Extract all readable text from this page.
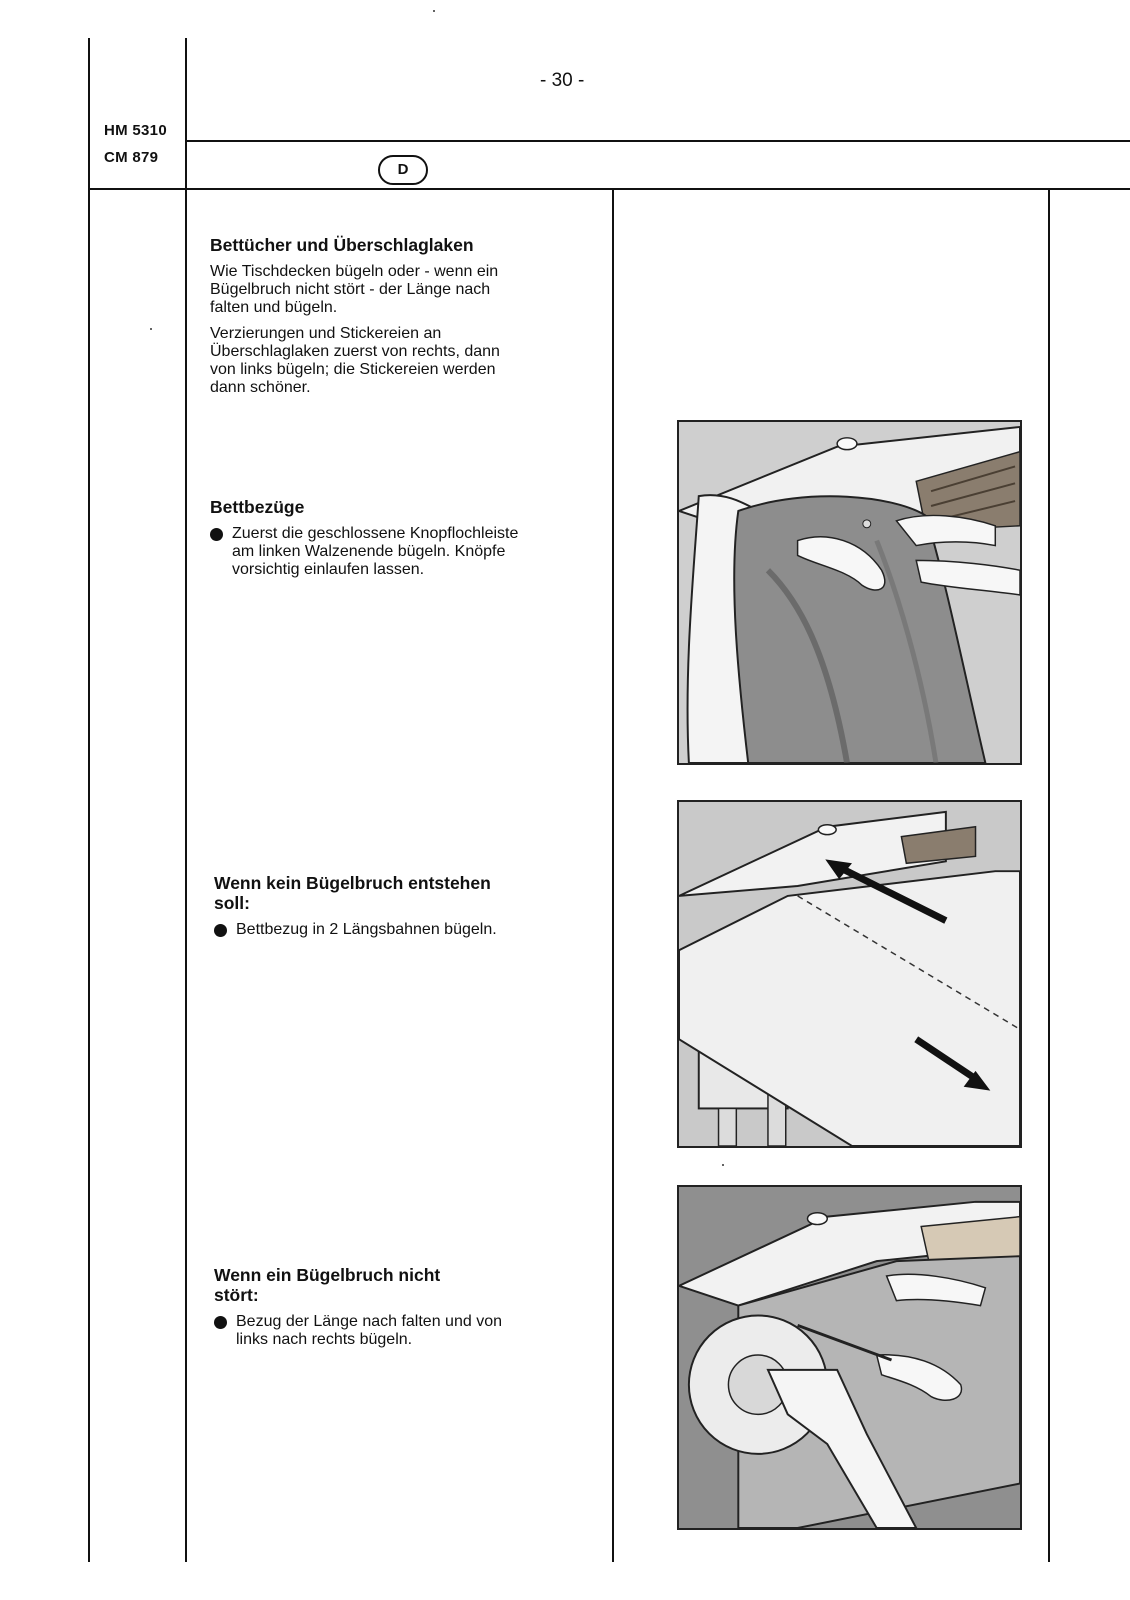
- 30 -
HM 5310
CM 879
D
Bettücher und Überschlaglaken
Wie Tischdecken bügeln oder - wenn ein Bügelbruch nicht stört - der Länge nach falten und bügeln.
Verzierungen und Stickereien an Überschlaglaken zuerst von rechts, dann von links bügeln; die Stickereien werden dann schöner.
Bettbezüge
Zuerst die geschlossene Knopflochleiste am linken Walzenende bügeln. Knöpfe vorsichtig einlaufen lassen.
Wenn kein Bügelbruch entstehen soll:
Bettbezug in 2 Längsbahnen bügeln.
Wenn ein Bügelbruch nicht stört:
Bezug der Länge nach falten und von links nach rechts bügeln.
